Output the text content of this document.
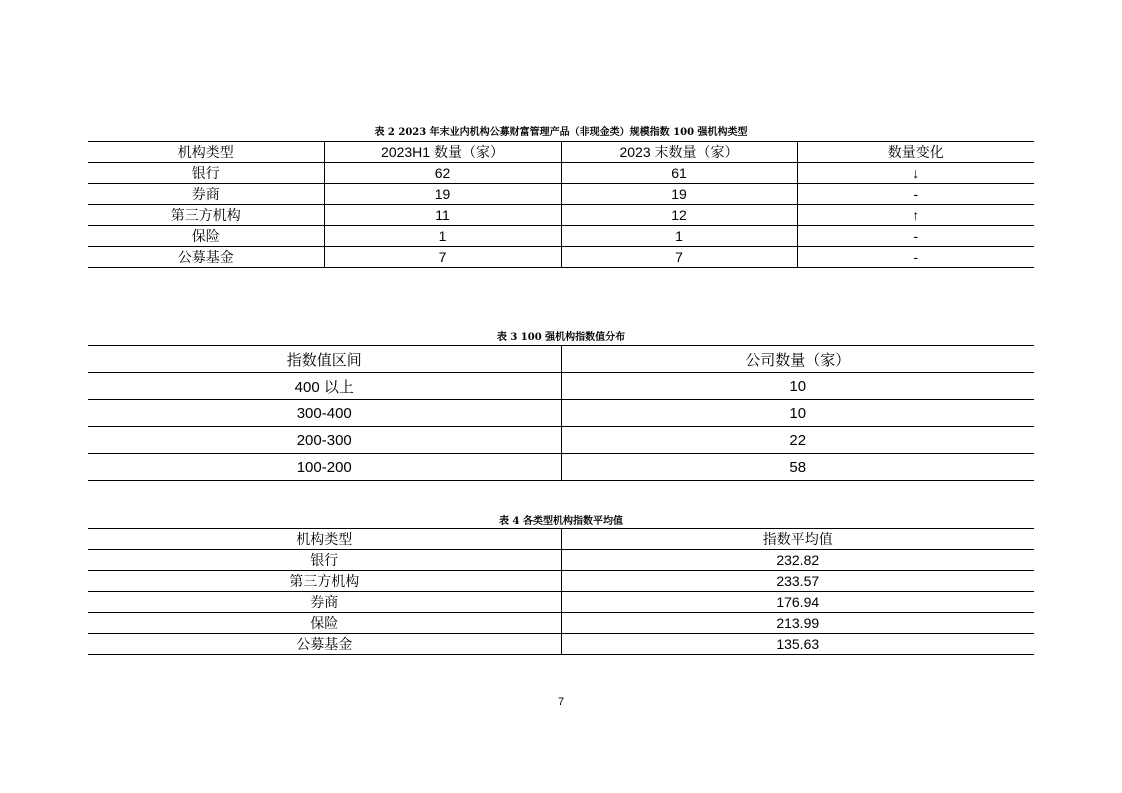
表 2 2023 年末业内机构公募财富管理产品（非现金类）规模指数 100 强机构类型
机构类型	2023H1 数量（家）	2023 末数量（家）	数量变化
银行	62	61	↓
券商	19	19	-
第三方机构	11	12	↑
保险	1	1	-
公募基金	7	7	-
表 3 100 强机构指数值分布
指数值区间	公司数量（家）
400 以上	10
300-400	10
200-300	22
100-200	58
表 4 各类型机构指数平均值
机构类型	指数平均值
银行	232.82
第三方机构	233.57
券商	176.94
保险	213.99
公募基金	135.63
7
